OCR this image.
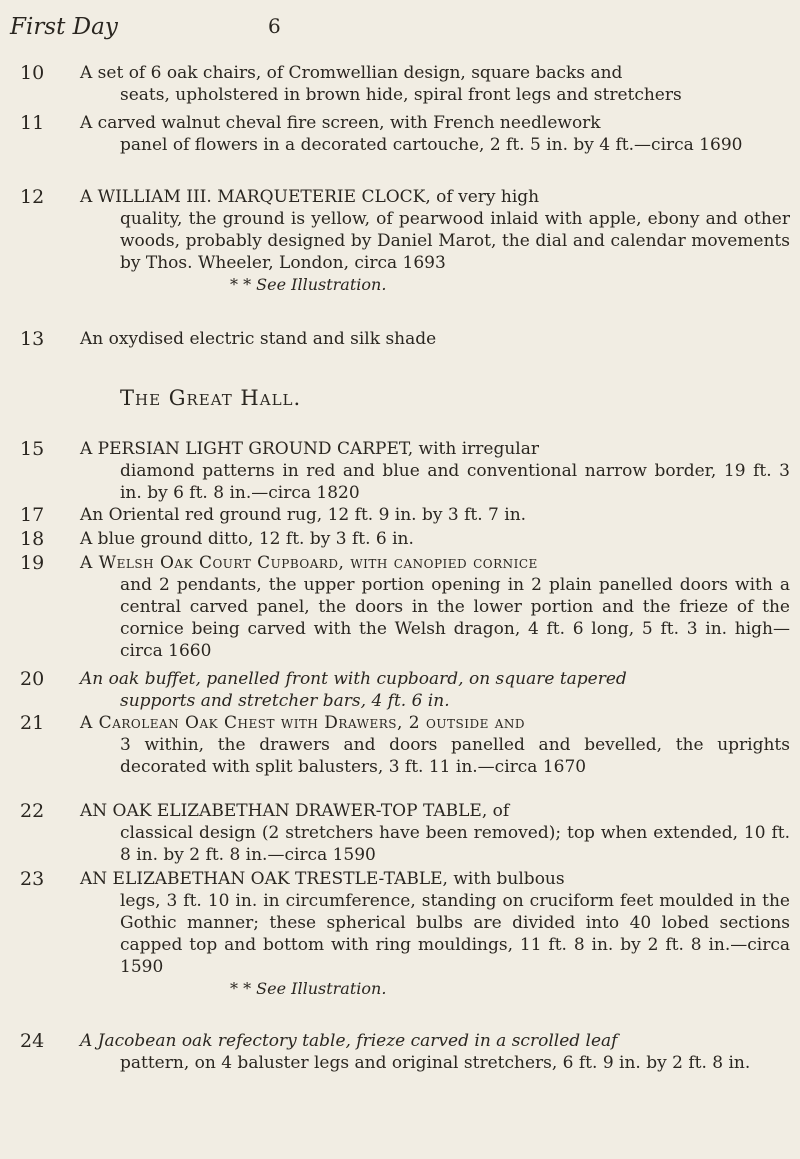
First Day	6
10	A set of 6 oak chairs, of Cromwellian design, square backs and
seats, upholstered in brown hide, spiral front legs and stretchers
11	A carved walnut cheval fire screen, with French needlework
panel of flowers in a decorated cartouche, 2 ft. 5 in. by 4 ft.—circa 1690
12	A WILLIAM III. MARQUETERIE CLOCK, of very high
quality, the ground is yellow, of pearwood inlaid with apple, ebony and other woods, probably designed by Daniel Marot, the dial and calendar movements by Thos. Wheeler, London, circa 1693
* * See Illustration.
13	An oxydised electric stand and silk shade
The Great Hall.
15	A PERSIAN LIGHT GROUND CARPET, with irregular
diamond patterns in red and blue and conventional narrow border, 19 ft. 3 in. by 6 ft. 8 in.—circa 1820
17	An Oriental red ground rug, 12 ft. 9 in. by 3 ft. 7 in.
18	A blue ground ditto, 12 ft. by 3 ft. 6 in.
19	A Welsh Oak Court Cupboard, with canopied cornice
and 2 pendants, the upper portion opening in 2 plain panelled doors with a central carved panel, the doors in the lower portion and the frieze of the cornice being carved with the Welsh dragon, 4 ft. 6 long, 5 ft. 3 in. high—circa 1660
20	An oak buffet, panelled front with cupboard, on square tapered
supports and stretcher bars, 4 ft. 6 in.
21	A Carolean Oak Chest with Drawers, 2 outside and
3 within, the drawers and doors panelled and bevelled, the uprights decorated with split balusters, 3 ft. 11 in.—circa 1670
22	AN OAK ELIZABETHAN DRAWER-TOP TABLE, of
classical design (2 stretchers have been removed); top when extended, 10 ft. 8 in. by 2 ft. 8 in.—circa 1590
23	AN ELIZABETHAN OAK TRESTLE-TABLE, with bulbous
legs, 3 ft. 10 in. in circumference, standing on cruciform feet moulded in the Gothic manner; these spherical bulbs are divided into 40 lobed sections capped top and bottom with ring mouldings, 11 ft. 8 in. by 2 ft. 8 in.—circa 1590
* * See Illustration.
24	A Jacobean oak refectory table, frieze carved in a scrolled leaf
pattern, on 4 baluster legs and original stretchers, 6 ft. 9 in. by 2 ft. 8 in.
